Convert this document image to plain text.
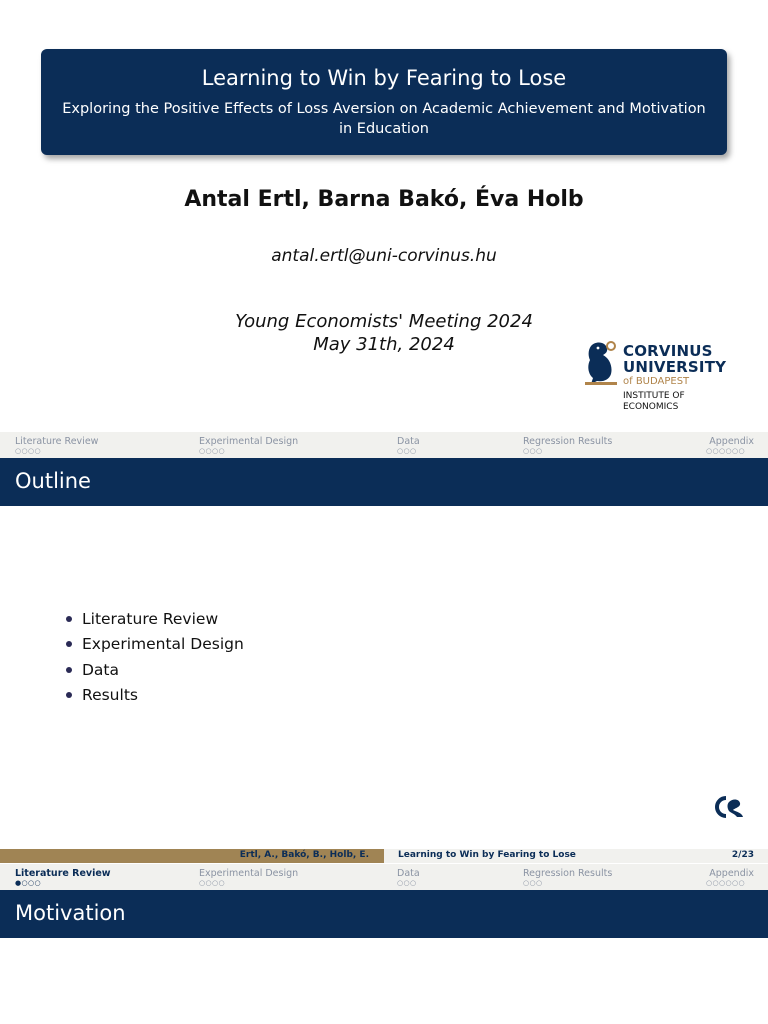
Learning to Win by Fearing to Lose
Exploring the Positive Effects of Loss Aversion on Academic Achievement and Motivation in Education
Antal Ertl, Barna Bakó, Éva Holb
antal.ertl@uni-corvinus.hu
Young Economists' Meeting 2024
May 31th, 2024	CORVINUS
UNIVERSITY
of BUDAPEST
INSTITUTE OF
ECONOMICS
Literature Review
○○○○
Experimental Design
○○○○
Data
○○○
Regression Results
○○○
Appendix
○○○○○○
Outline
Literature Review
Experimental Design
Data
Results
Ertl, A., Bakó, B., Holb, E.	Learning to Win by Fearing to Lose	2/23
Literature Review
●○○○
Experimental Design
○○○○
Data
○○○
Regression Results
○○○
Appendix
○○○○○○
Motivation
